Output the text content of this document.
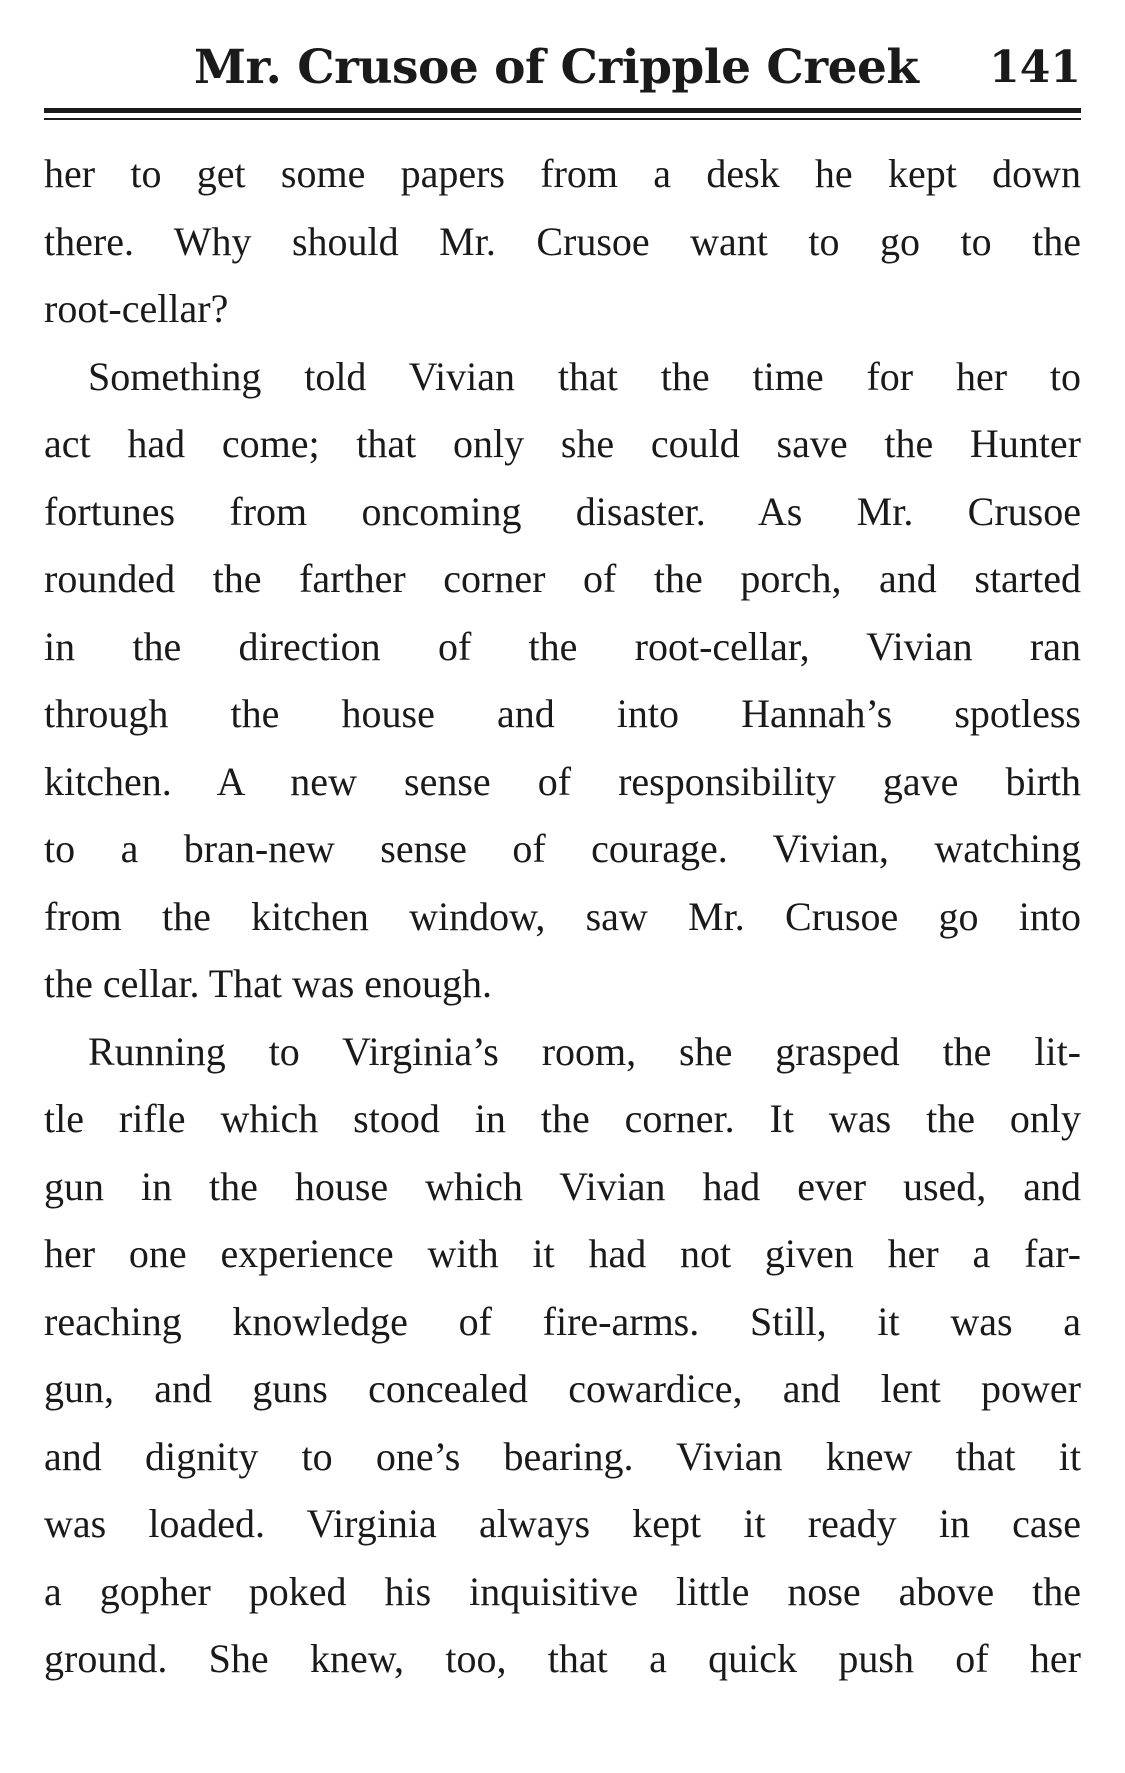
Mr. Crusoe of Cripple Creek 141
her to get some papers from a desk he kept down
there. Why should Mr. Crusoe want to go to the
root-cellar?
Something told Vivian that the time for her to
act had come; that only she could save the Hunter
fortunes from oncoming disaster. As Mr. Crusoe
rounded the farther corner of the porch, and started
in the direction of the root-cellar, Vivian ran
through the house and into Hannah’s spotless
kitchen. A new sense of responsibility gave birth
to a bran-new sense of courage. Vivian, watching
from the kitchen window, saw Mr. Crusoe go into
the cellar. That was enough.
Running to Virginia’s room, she grasped the lit-
tle rifle which stood in the corner. It was the only
gun in the house which Vivian had ever used, and
her one experience with it had not given her a far-
reaching knowledge of fire-arms. Still, it was a
gun, and guns concealed cowardice, and lent power
and dignity to one’s bearing. Vivian knew that it
was loaded. Virginia always kept it ready in case
a gopher poked his inquisitive little nose above the
ground. She knew, too, that a quick push of her
